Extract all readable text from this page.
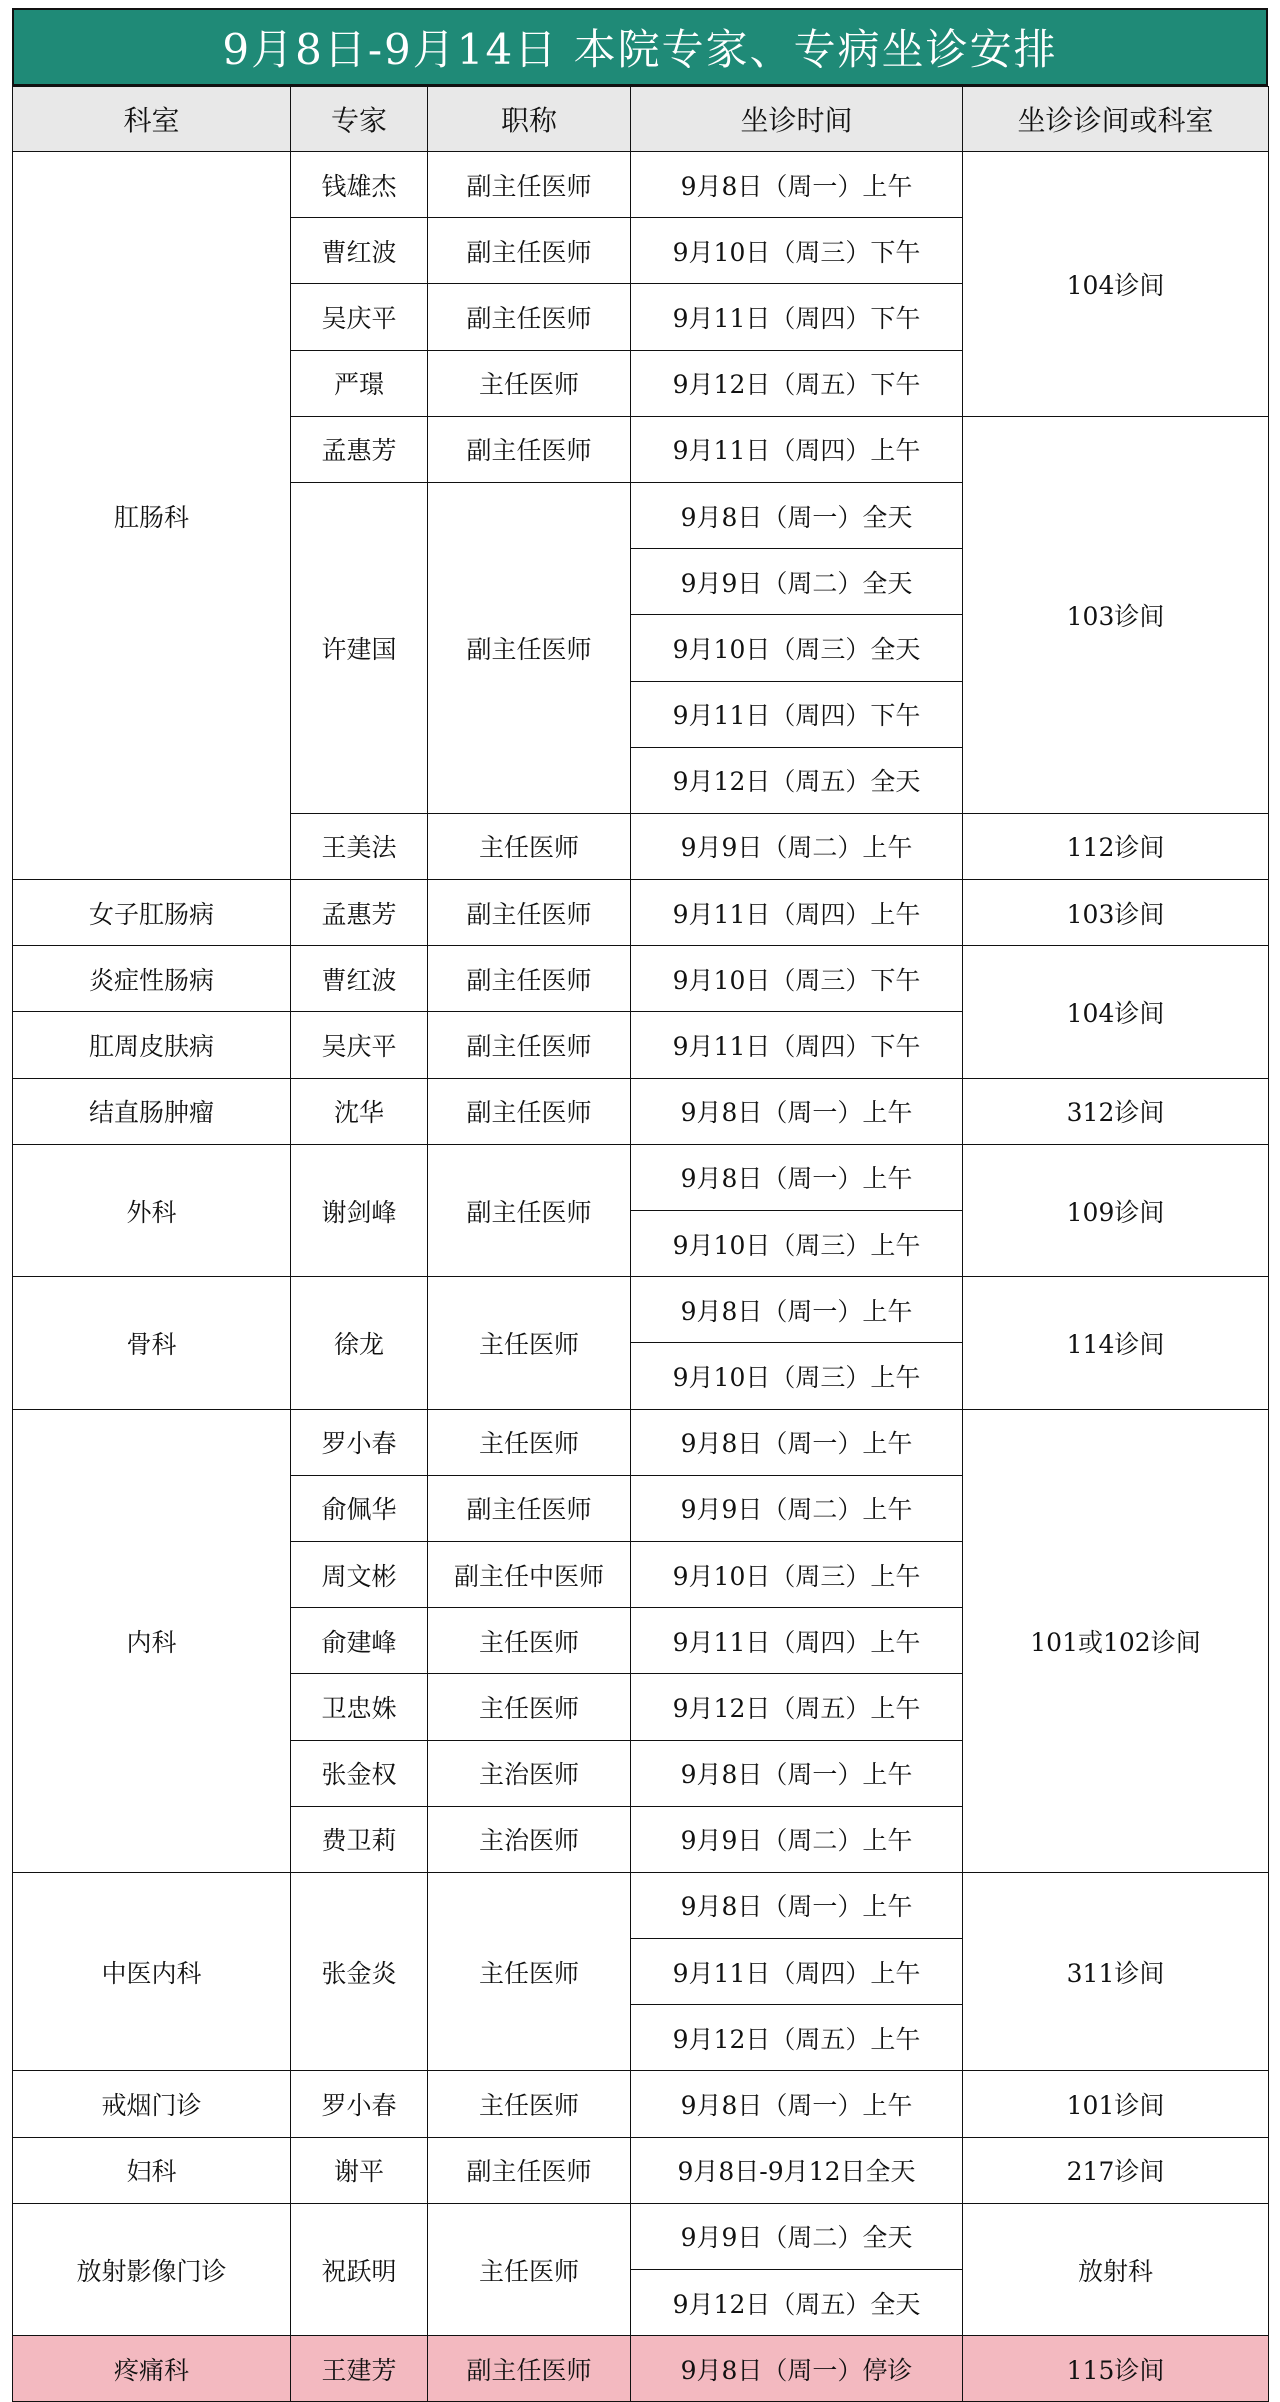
9月8日-9月14日 本院专家、专病坐诊安排
科室	专家	职称	坐诊时间	坐诊诊间或科室
肛肠科	钱雄杰	副主任医师	9月8日（周一）上午	104诊间
	曹红波	副主任医师	9月10日（周三）下午	
	吴庆平	副主任医师	9月11日（周四）下午	
	严璟	主任医师	9月12日（周五）下午	
	孟惠芳	副主任医师	9月11日（周四）上午	103诊间
	许建国	副主任医师	9月8日（周一）全天	
			9月9日（周二）全天	
			9月10日（周三）全天	
			9月11日（周四）下午	
			9月12日（周五）全天	
	王美法	主任医师	9月9日（周二）上午	112诊间
女子肛肠病	孟惠芳	副主任医师	9月11日（周四）上午	103诊间
炎症性肠病	曹红波	副主任医师	9月10日（周三）下午	104诊间
肛周皮肤病	吴庆平	副主任医师	9月11日（周四）下午	
结直肠肿瘤	沈华	副主任医师	9月8日（周一）上午	312诊间
外科	谢剑峰	副主任医师	9月8日（周一）上午	109诊间
			9月10日（周三）上午	
骨科	徐龙	主任医师	9月8日（周一）上午	114诊间
			9月10日（周三）上午	
内科	罗小春	主任医师	9月8日（周一）上午	101或102诊间
	俞佩华	副主任医师	9月9日（周二）上午	
	周文彬	副主任中医师	9月10日（周三）上午	
	俞建峰	主任医师	9月11日（周四）上午	
	卫忠姝	主任医师	9月12日（周五）上午	
	张金权	主治医师	9月8日（周一）上午	
	费卫莉	主治医师	9月9日（周二）上午	
中医内科	张金炎	主任医师	9月8日（周一）上午	311诊间
			9月11日（周四）上午	
			9月12日（周五）上午	
戒烟门诊	罗小春	主任医师	9月8日（周一）上午	101诊间
妇科	谢平	副主任医师	9月8日-9月12日全天	217诊间
放射影像门诊	祝跃明	主任医师	9月9日（周二）全天	放射科
			9月12日（周五）全天	
疼痛科	王建芳	副主任医师	9月8日（周一）停诊	115诊间
